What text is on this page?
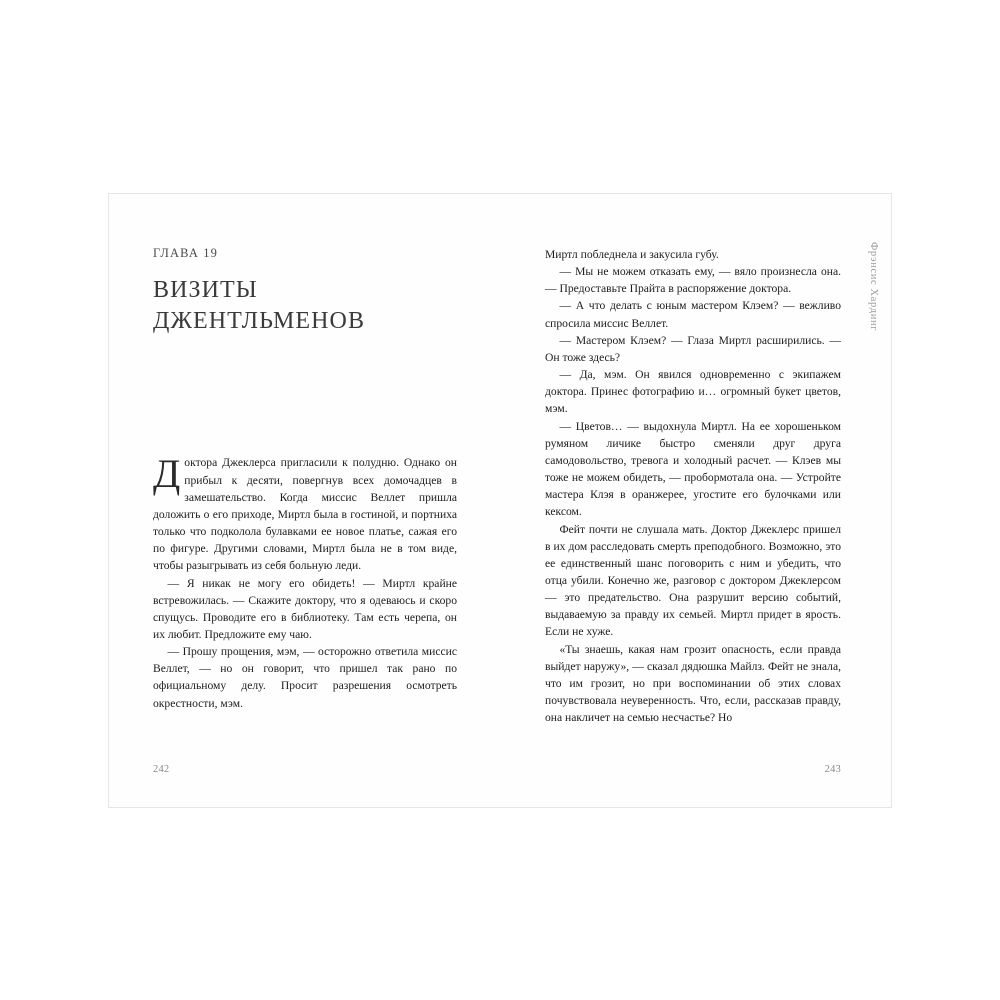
ГЛАВА 19
ВИЗИТЫ ДЖЕНТЛЬМЕНОВ

Доктора Джеклерса пригласили к полудню. Однако он прибыл к десяти, повергнув всех домочадцев в замешательство. Когда миссис Веллет пришла доложить о его приходе, Миртл была в гостиной, и портниха только что подколола булавками ее новое платье, сажая его по фигуре. Другими словами, Миртл была не в том виде, чтобы разыгрывать из себя больную леди.

— Я никак не могу его обидеть! — Миртл крайне встревожилась. — Скажите доктору, что я одеваюсь и скоро спущусь. Проводите его в библиотеку. Там есть черепа, он их любит. Предложите ему чаю.

— Прошу прощения, мэм, — осторожно ответила миссис Веллет, — но он говорит, что пришел так рано по официальному делу. Просит разрешения осмотреть окрестности, мэм.

242

Миртл побледнела и закусила губу.

— Мы не можем отказать ему, — вяло произнесла она. — Предоставьте Прайта в распоряжение доктора.

— А что делать с юным мастером Клэем? — вежливо спросила миссис Веллет.

— Мастером Клэем? — Глаза Миртл расширились. — Он тоже здесь?

— Да, мэм. Он явился одновременно с экипажем доктора. Принес фотографию и… огромный букет цветов, мэм.

— Цветов… — выдохнула Миртл. На ее хорошеньком румяном личике быстро сменяли друг друга самодовольство, тревога и холодный расчет. — Клэев мы тоже не можем обидеть, — пробормотала она. — Устройте мастера Клэя в оранжерее, угостите его булочками или кексом.

Фейт почти не слушала мать. Доктор Джеклерс пришел в их дом расследовать смерть преподобного. Возможно, это ее единственный шанс поговорить с ним и убедить, что отца убили. Конечно же, разговор с доктором Джеклерсом — это предательство. Она разрушит версию событий, выдаваемую за правду их семьей. Миртл придет в ярость. Если не хуже.

«Ты знаешь, какая нам грозит опасность, если правда выйдет наружу», — сказал дядюшка Майлз. Фейт не знала, что им грозит, но при воспоминании об этих словах почувствовала неуверенность. Что, если, рассказав правду, она накличет на семью несчастье? Но

Фрэнсис Хардинг
243
